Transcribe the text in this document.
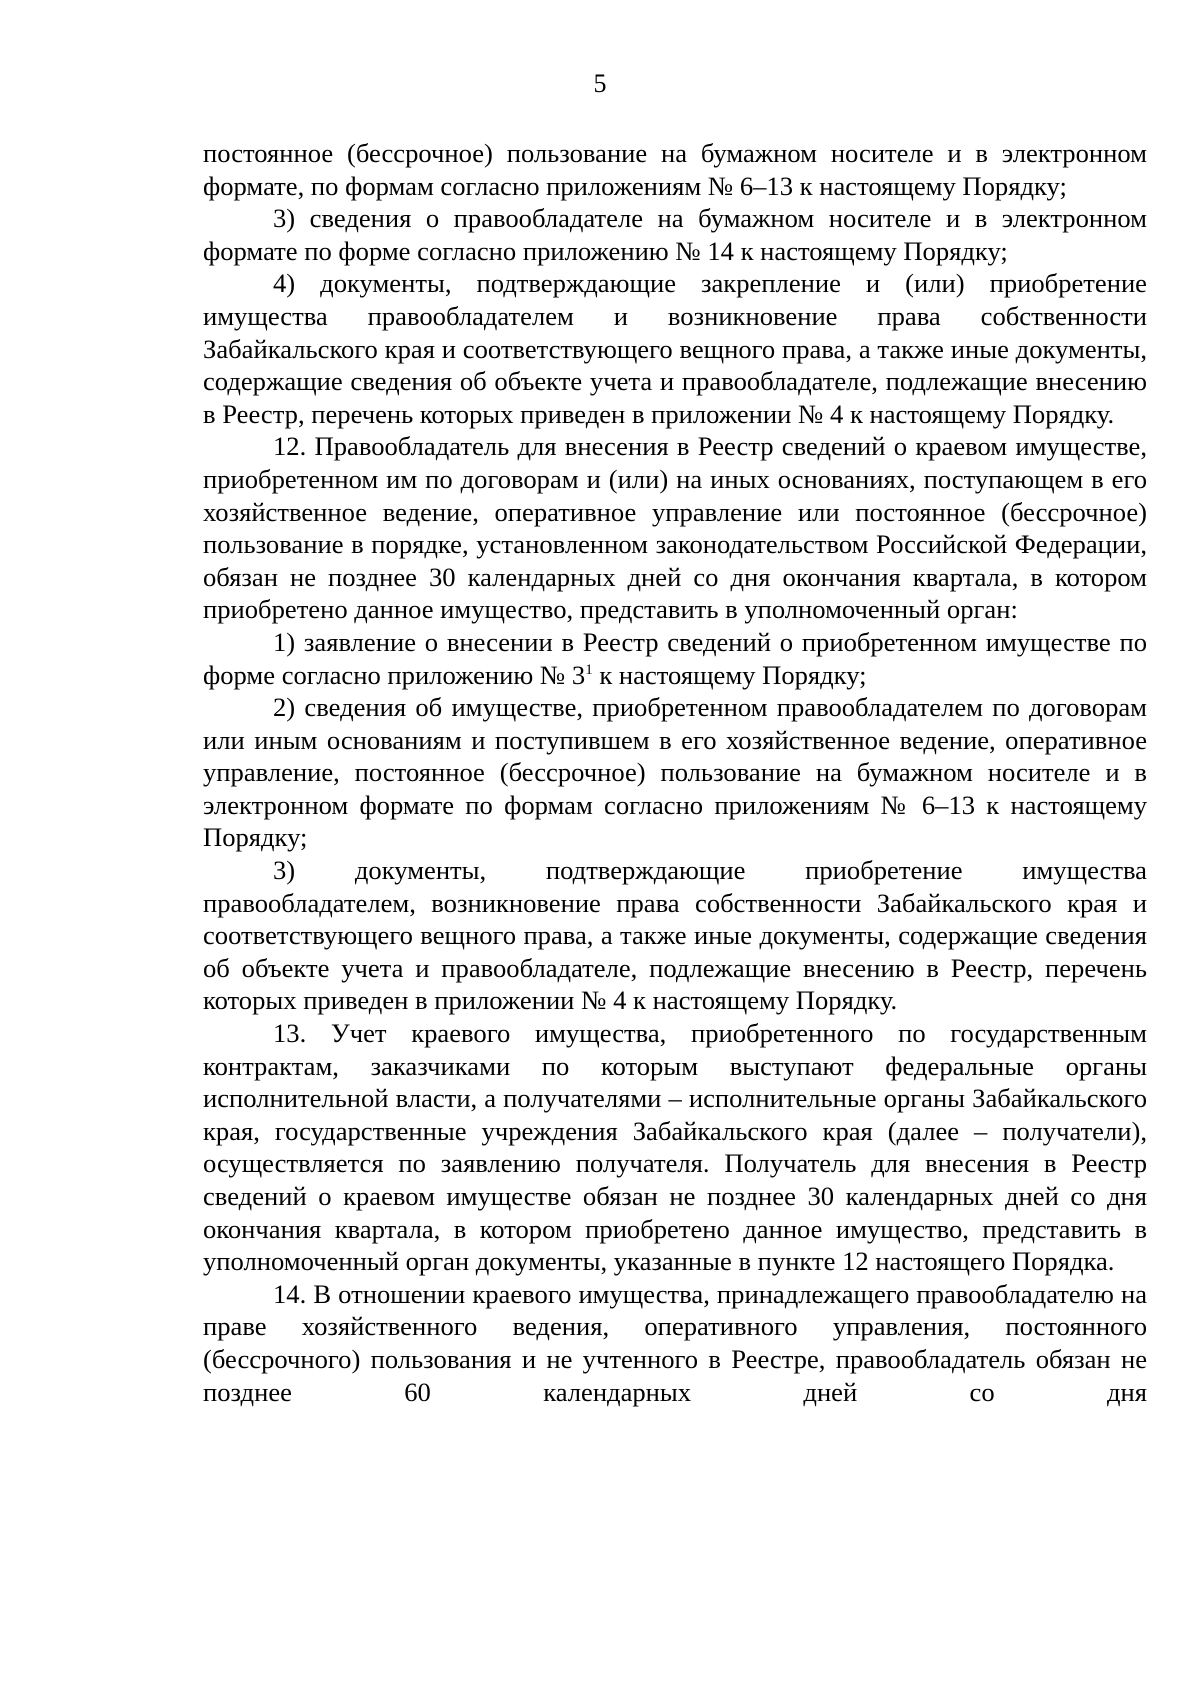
5

постоянное (бессрочное) пользование на бумажном носителе и в электронном формате, по формам согласно приложениям № 6–13 к настоящему Порядку;

3) сведения о правообладателе на бумажном носителе и в электронном формате по форме согласно приложению № 14 к настоящему Порядку;

4) документы, подтверждающие закрепление и (или) приобретение имущества правообладателем и возникновение права собственности Забайкальского края и соответствующего вещного права, а также иные документы, содержащие сведения об объекте учета и правообладателе, подлежащие внесению в Реестр, перечень которых приведен в приложении № 4 к настоящему Порядку.

12. Правообладатель для внесения в Реестр сведений о краевом имуществе, приобретенном им по договорам и (или) на иных основаниях, поступающем в его хозяйственное ведение, оперативное управление или постоянное (бессрочное) пользование в порядке, установленном законодательством Российской Федерации, обязан не позднее 30 календарных дней со дня окончания квартала, в котором приобретено данное имущество, представить в уполномоченный орган:

1) заявление о внесении в Реестр сведений о приобретенном имуществе по форме согласно приложению № $3^1$ к настоящему Порядку;

2) сведения об имуществе, приобретенном правообладателем по договорам или иным основаниям и поступившем в его хозяйственное ведение, оперативное управление, постоянное (бессрочное) пользование на бумажном носителе и в электронном формате по формам согласно приложениям № 6–13 к настоящему Порядку;

3) документы, подтверждающие приобретение имущества правообладателем, возникновение права собственности Забайкальского края и соответствующего вещного права, а также иные документы, содержащие сведения об объекте учета и правообладателе, подлежащие внесению в Реестр, перечень которых приведен в приложении № 4 к настоящему Порядку.

13. Учет краевого имущества, приобретенного по государственным контрактам, заказчиками по которым выступают федеральные органы исполнительной власти, а получателями – исполнительные органы Забайкальского края, государственные учреждения Забайкальского края (далее – получатели), осуществляется по заявлению получателя. Получатель для внесения в Реестр сведений о краевом имуществе обязан не позднее 30 календарных дней со дня окончания квартала, в котором приобретено данное имущество, представить в уполномоченный орган документы, указанные в пункте 12 настоящего Порядка.

14. В отношении краевого имущества, принадлежащего правообладателю на праве хозяйственного ведения, оперативного управления, постоянного (бессрочного) пользования и не учтенного в Реестре, правообладатель обязан не позднее 60 календарных дней со дня
